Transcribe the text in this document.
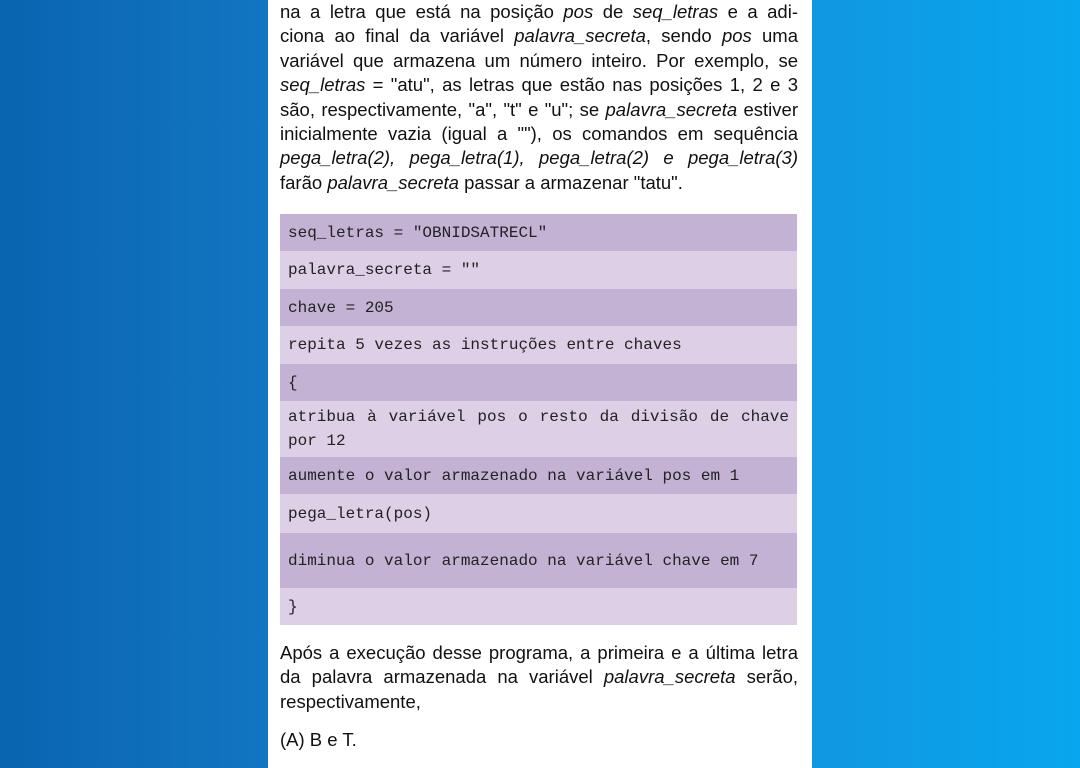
na a letra que está na posição pos de seq_letras e a adi-
ciona ao final da variável palavra_secreta, sendo pos uma
variável que armazena um número inteiro. Por exemplo, se
seq_letras = "atu", as letras que estão nas posições 1, 2 e 3
são, respectivamente, "a", "t" e "u"; se palavra_secreta estiver
inicialmente vazia (igual a ""), os comandos em sequência
pega_letra(2), pega_letra(1), pega_letra(2) e pega_letra(3)
farão palavra_secreta passar a armazenar "tatu".
seq_letras = "OBNIDSATRECL"
palavra_secreta = ""
chave = 205
repita 5 vezes as instruções entre chaves
{
atribua à variável pos o resto da divisão de chave por 12
aumente o valor armazenado na variável pos em 1
pega_letra(pos)
diminua o valor armazenado na variável chave em 7
}
Após a execução desse programa, a primeira e a última letra
da palavra armazenada na variável palavra_secreta serão,
respectivamente,
(A) B e T.
